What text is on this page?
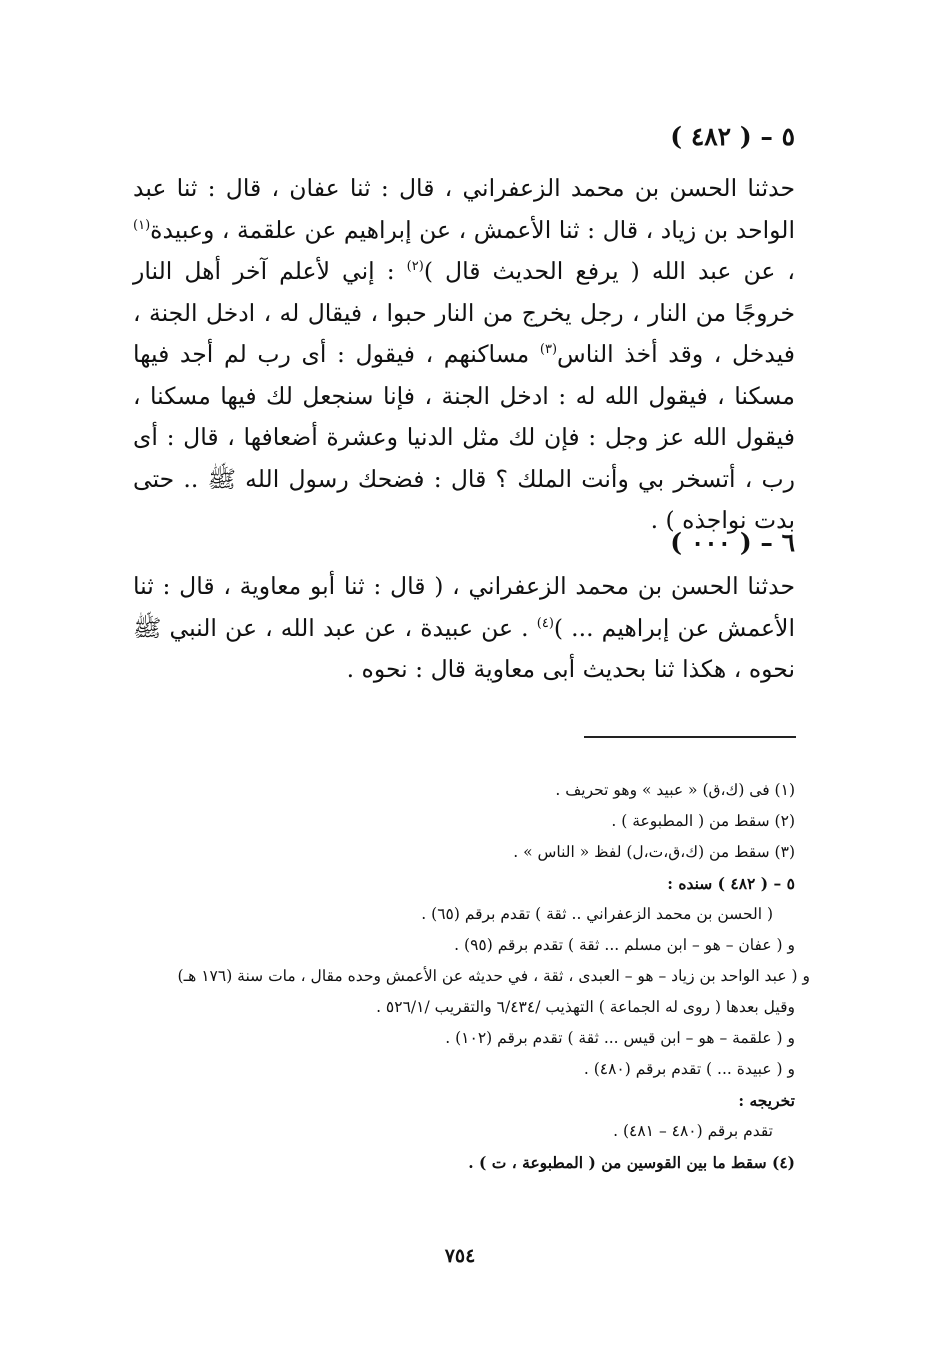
٥ – ( ٤٨٢ )

حدثنا الحسن بن محمد الزعفراني ، قال : ثنا عفان ، قال : ثنا عبد الواحد بن زياد ، قال : ثنا الأعمش ، عن إبراهيم عن علقمة ، وعبيدة$^{(١)}$ ، عن عبد الله ( يرفع الحديث قال )$^{(٢)}$ : إني لأعلم آخر أهل النار خروجًا من النار ، رجل يخرج من النار حبوا ، فيقال له ، ادخل الجنة ، فيدخل ، وقد أخذ الناس$^{(٣)}$ مساكنهم ، فيقول : أى رب لم أجد فيها مسكنا ، فيقول الله له : ادخل الجنة ، فإنا سنجعل لك فيها مسكنا ، فيقول الله عز وجل : فإن لك مثل الدنيا وعشرة أضعافها ، قال : أى رب ، أتسخر بي وأنت الملك ؟ قال : فضحك رسول الله ﷺ .. حتى بدت نواجذه ) .

٦ – ( ٠٠٠ )

حدثنا الحسن بن محمد الزعفراني ، ( قال : ثنا أبو معاوية ، قال : ثنا الأعمش عن إبراهيم ... )$^{(٤)}$ . عن عبيدة ، عن عبد الله ، عن النبي ﷺ نحوه ، هكذا ثنا بحديث أبى معاوية قال : نحوه .

(١) فى (ك،ق) « عبيد » وهو تحريف .

(٢) سقط من ( المطبوعة ) .

(٣) سقط من (ك،ق،ت،ل) لفظ « الناس » .

٥ – ( ٤٨٢ ) سنده :

( الحسن بن محمد الزعفراني .. ثقة ) تقدم برقم (٦٥) .

و ( عفان – هو – ابن مسلم ... ثقة ) تقدم برقم (٩٥) .

و ( عبد الواحد بن زياد – هو – العبدى ، ثقة ، في حديثه عن الأعمش وحده مقال ، مات سنة (١٧٦ هـ)

وقيل بعدها ( روى له الجماعة ) التهذيب /٦/٤٣٤ والتقريب /٥٢٦/١ .

و ( علقمة – هو – ابن قيس ... ثقة ) تقدم برقم (١٠٢) .

و ( عبيدة ... ) تقدم برقم (٤٨٠) .

تخريجه :

تقدم برقم (٤٨٠ – ٤٨١) .

(٤) سقط ما بين القوسين من ( المطبوعة ، ت ) .

٧٥٤
